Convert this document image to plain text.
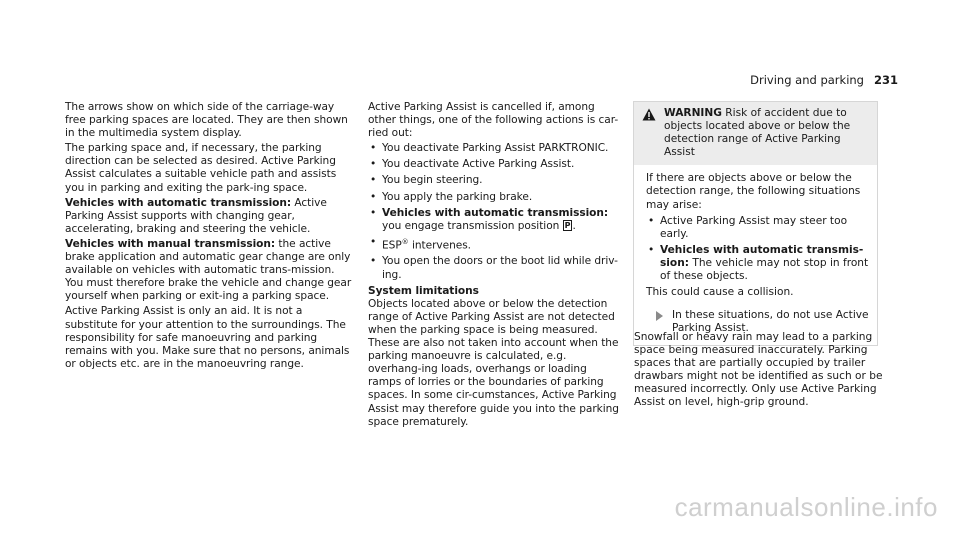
Driving and parking 231

The arrows show on which side of the carriage-way free parking spaces are located. They are then shown in the multimedia system display.

The parking space and, if necessary, the parking direction can be selected as desired. Active Parking Assist calculates a suitable vehicle path and assists you in parking and exiting the park-ing space.

Vehicles with automatic transmission: Active Parking Assist supports with changing gear, accelerating, braking and steering the vehicle.

Vehicles with manual transmission: the active brake application and automatic gear change are only available on vehicles with automatic trans-mission. You must therefore brake the vehicle and change gear yourself when parking or exit-ing a parking space.

Active Parking Assist is only an aid. It is not a substitute for your attention to the surroundings. The responsibility for safe manoeuvring and parking remains with you. Make sure that no persons, animals or objects etc. are in the manoeuvring range.

Active Parking Assist is cancelled if, among other things, one of the following actions is car-ried out:

• You deactivate Parking Assist PARKTRONIC.
• You deactivate Active Parking Assist.
• You begin steering.
• You apply the parking brake.
• Vehicles with automatic transmission:
you engage transmission position P .
• ESP® intervenes.
• You open the doors or the boot lid while driv-ing.

System limitations

Objects located above or below the detection range of Active Parking Assist are not detected when the parking space is being measured. These are also not taken into account when the parking manoeuvre is calculated, e.g. overhang-ing loads, overhangs or loading ramps of lorries or the boundaries of parking spaces. In some cir-cumstances, Active Parking Assist may therefore guide you into the parking space prematurely.

WARNING Risk of accident due to objects located above or below the detection range of Active Parking Assist

If there are objects above or below the detection range, the following situations may arise:

• Active Parking Assist may steer too early.
• Vehicles with automatic transmis-sion: The vehicle may not stop in front of these objects.

This could cause a collision.

In these situations, do not use Active Parking Assist.

Snowfall or heavy rain may lead to a parking space being measured inaccurately. Parking spaces that are partially occupied by trailer drawbars might not be identified as such or be measured incorrectly. Only use Active Parking Assist on level, high-grip ground.

carmanualsonline.info
